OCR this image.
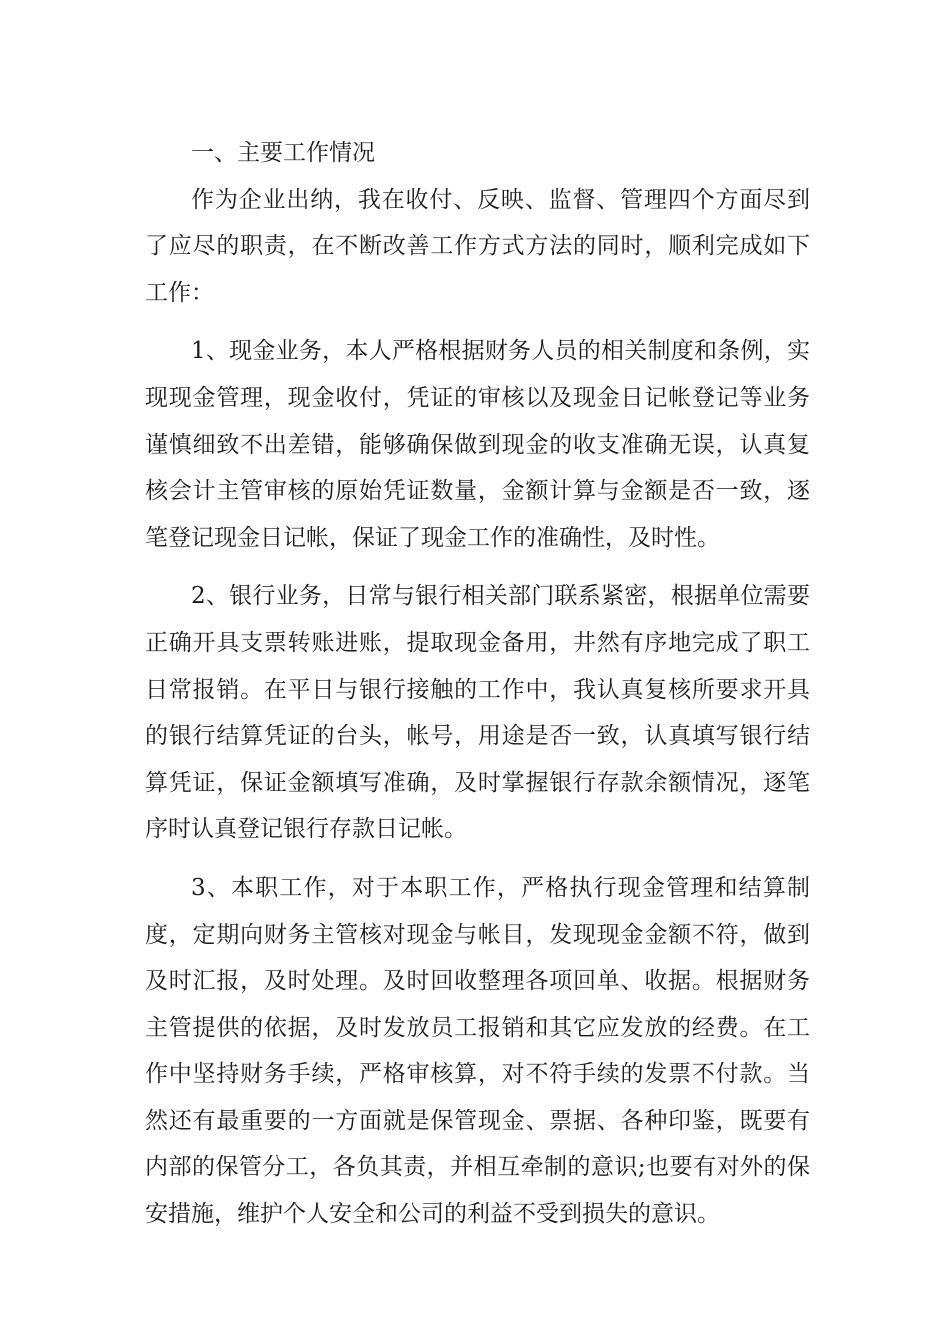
一、主要工作情况

作为企业出纳，我在收付、反映、监督、管理四个方面尽到了应尽的职责，在不断改善工作方式方法的同时，顺利完成如下工作：

1、现金业务，本人严格根据财务人员的相关制度和条例，实现现金管理，现金收付，凭证的审核以及现金日记帐登记等业务谨慎细致不出差错，能够确保做到现金的收支准确无误，认真复核会计主管审核的原始凭证数量，金额计算与金额是否一致，逐笔登记现金日记帐，保证了现金工作的准确性，及时性。

2、银行业务，日常与银行相关部门联系紧密，根据单位需要正确开具支票转账进账，提取现金备用，井然有序地完成了职工日常报销。在平日与银行接触的工作中，我认真复核所要求开具的银行结算凭证的台头，帐号，用途是否一致，认真填写银行结算凭证，保证金额填写准确，及时掌握银行存款余额情况，逐笔序时认真登记银行存款日记帐。

3、本职工作，对于本职工作，严格执行现金管理和结算制度，定期向财务主管核对现金与帐目，发现现金金额不符，做到及时汇报，及时处理。及时回收整理各项回单、收据。根据财务主管提供的依据，及时发放员工报销和其它应发放的经费。在工作中坚持财务手续，严格审核算，对不符手续的发票不付款。当然还有最重要的一方面就是保管现金、票据、各种印鉴，既要有内部的保管分工，各负其责，并相互牵制的意识;也要有对外的保安措施，维护个人安全和公司的利益不受到损失的意识。
